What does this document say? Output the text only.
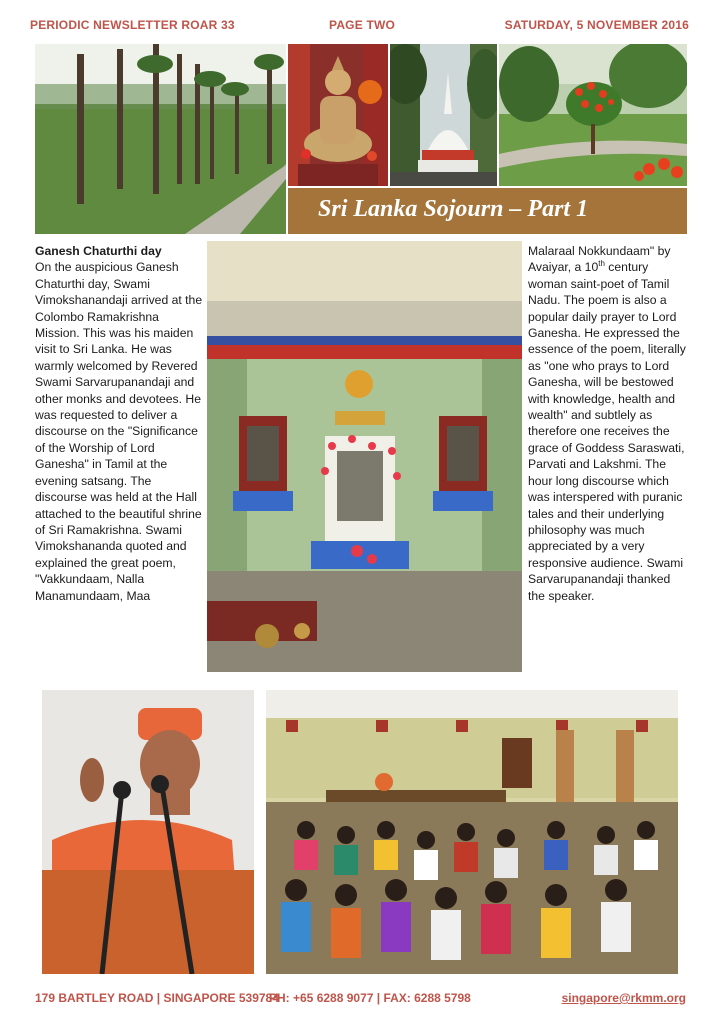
PERIODIC NEWSLETTER ROAR 33	PAGE TWO	SATURDAY, 5 NOVEMBER 2016
Sri Lanka Sojourn – Part 1

Ganesh Chaturthi day

On the auspicious Ganesh Chaturthi day, Swami Vimokshanandaji arrived at the Colombo Ramakrishna Mission. This was his maiden visit to Sri Lanka. He was warmly welcomed by Revered Swami Sarvarupanandaji and other monks and devotees. He was requested to deliver a discourse on the "Significance of the Worship of Lord Ganesha" in Tamil at the evening satsang. The discourse was held at the Hall attached to the beautiful shrine of Sri Ramakrishna. Swami Vimokshananda quoted and explained the great poem, "Vakkundaam, Nalla Manamundaam, Maa

Malaraal Nokkundaam" by Avaiyar, a 10th century woman saint-poet of Tamil Nadu. The poem is also a popular daily prayer to Lord Ganesha. He expressed the essence of the poem, literally as "one who prays to Lord Ganesha, will be bestowed with knowledge, health and wealth" and subtlely as therefore one receives the grace of Goddess Saraswati, Parvati and Lakshmi. The hour long discourse which was interspered with puranic tales and their underlying philosophy was much appreciated by a very responsive audience. Swami Sarvarupanandaji thanked the speaker.

179 BARTLEY ROAD | SINGAPORE 539784
PH: +65 6288 9077 | FAX: 6288 5798	singapore@rkmm.org
